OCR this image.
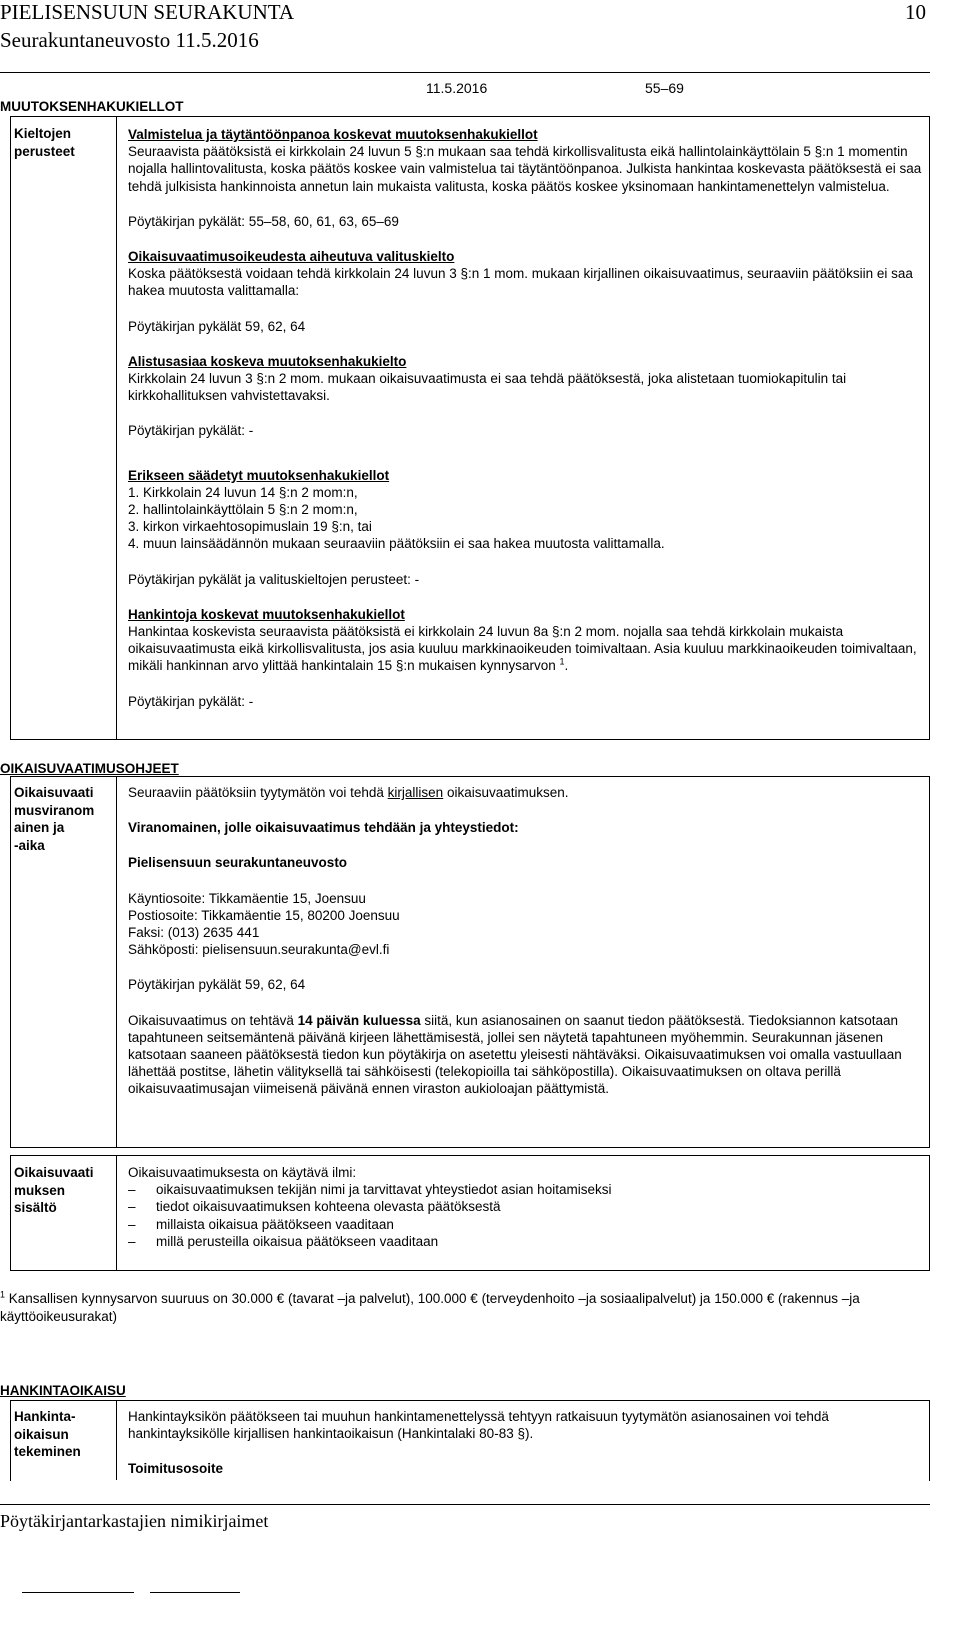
PIELISENSUUN SEURAKUNTA	10
Seurakuntaneuvosto 11.5.2016
11.5.2016	55–69
MUUTOKSENHAKUKIELLOT
Kieltojen
perusteet

Valmistelua ja täytäntöönpanoa koskevat muutoksenhakukiellot

Seuraavista päätöksistä ei kirkkolain 24 luvun 5 §:n mukaan saa tehdä kirkollisvalitusta eikä hallintolainkäyttölain 5 §:n 1 momentin nojalla hallintovalitusta, koska päätös koskee vain valmistelua tai täytäntöönpanoa. Julkista hankintaa koskevasta päätöksestä ei saa tehdä julkisista hankinnoista annetun lain mukaista valitusta, koska päätös koskee yksinomaan hankintamenettelyn valmistelua.

Pöytäkirjan pykälät: 55–58, 60, 61, 63, 65–69

Oikaisuvaatimusoikeudesta aiheutuva valituskielto

Koska päätöksestä voidaan tehdä kirkkolain 24 luvun 3 §:n 1 mom. mukaan kirjallinen oikaisuvaatimus, seuraaviin päätöksiin ei saa hakea muutosta valittamalla:

Pöytäkirjan pykälät 59, 62, 64

Alistusasiaa koskeva muutoksenhakukielto

Kirkkolain 24 luvun 3 §:n 2 mom. mukaan oikaisuvaatimusta ei saa tehdä päätöksestä, joka alistetaan tuomiokapitulin tai kirkkohallituksen vahvistettavaksi.

Pöytäkirjan pykälät: -

Erikseen säädetyt muutoksenhakukiellot

1. Kirkkolain 24 luvun 14 §:n 2 mom:n,

2. hallintolainkäyttölain 5 §:n 2 mom:n,

3. kirkon virkaehtosopimuslain 19 §:n, tai

4. muun lainsäädännön mukaan seuraaviin päätöksiin ei saa hakea muutosta valittamalla.

Pöytäkirjan pykälät ja valituskieltojen perusteet: -

Hankintoja koskevat muutoksenhakukiellot

Hankintaa koskevista seuraavista päätöksistä ei kirkkolain 24 luvun 8a §:n 2 mom. nojalla saa tehdä kirkkolain mukaista oikaisuvaatimusta eikä kirkollisvalitusta, jos asia kuuluu markkinaoikeuden toimivaltaan. Asia kuuluu markkinaoikeuden toimivaltaan, mikäli hankinnan arvo ylittää hankintalain 15 §:n mukaisen kynnysarvon $^1$.

Pöytäkirjan pykälät: -

OIKAISUVAATIMUSOHJEET
Oikaisuvaati
musviranom
ainen ja
-aika

Seuraaviin päätöksiin tyytymätön voi tehdä kirjallisen oikaisuvaatimuksen.

Viranomainen, jolle oikaisuvaatimus tehdään ja yhteystiedot:

Pielisensuun seurakuntaneuvosto

Käyntiosoite: Tikkamäentie 15, Joensuu

Postiosoite: Tikkamäentie 15, 80200 Joensuu

Faksi: (013) 2635 441

Sähköposti: pielisensuun.seurakunta@evl.fi

Pöytäkirjan pykälät 59, 62, 64

Oikaisuvaatimus on tehtävä 14 päivän kuluessa siitä, kun asianosainen on saanut tiedon päätöksestä. Tiedoksiannon katsotaan tapahtuneen seitsemäntenä päivänä kirjeen lähettämisestä, jollei sen näytetä tapahtuneen myöhemmin. Seurakunnan jäsenen katsotaan saaneen päätöksestä tiedon kun pöytäkirja on asetettu yleisesti nähtäväksi. Oikaisuvaatimuksen voi omalla vastuullaan lähettää postitse, lähetin välityksellä tai sähköisesti (telekopioilla tai sähköpostilla). Oikaisuvaatimuksen on oltava perillä oikaisuvaatimusajan viimeisenä päivänä ennen viraston aukioloajan päättymistä.

Oikaisuvaati
muksen
sisältö

Oikaisuvaatimuksesta on käytävä ilmi:

– oikaisuvaatimuksen tekijän nimi ja tarvittavat yhteystiedot asian hoitamiseksi
– tiedot oikaisuvaatimuksen kohteena olevasta päätöksestä
– millaista oikaisua päätökseen vaaditaan
– millä perusteilla oikaisua päätökseen vaaditaan
$^1$ Kansallisen kynnysarvon suuruus on 30.000 € (tavarat –ja palvelut), 100.000 € (terveydenhoito –ja sosiaalipalvelut) ja 150.000 € (rakennus –ja käyttöoikeusurakat)
HANKINTAOIKAISU
Hankinta-
oikaisun
tekeminen

Hankintayksikön päätökseen tai muuhun hankintamenettelyssä tehtyyn ratkaisuun tyytymätön asianosainen voi tehdä hankintayksikölle kirjallisen hankintaoikaisun (Hankintalaki 80-83 §).

Toimitusosoite

Pöytäkirjantarkastajien nimikirjaimet
